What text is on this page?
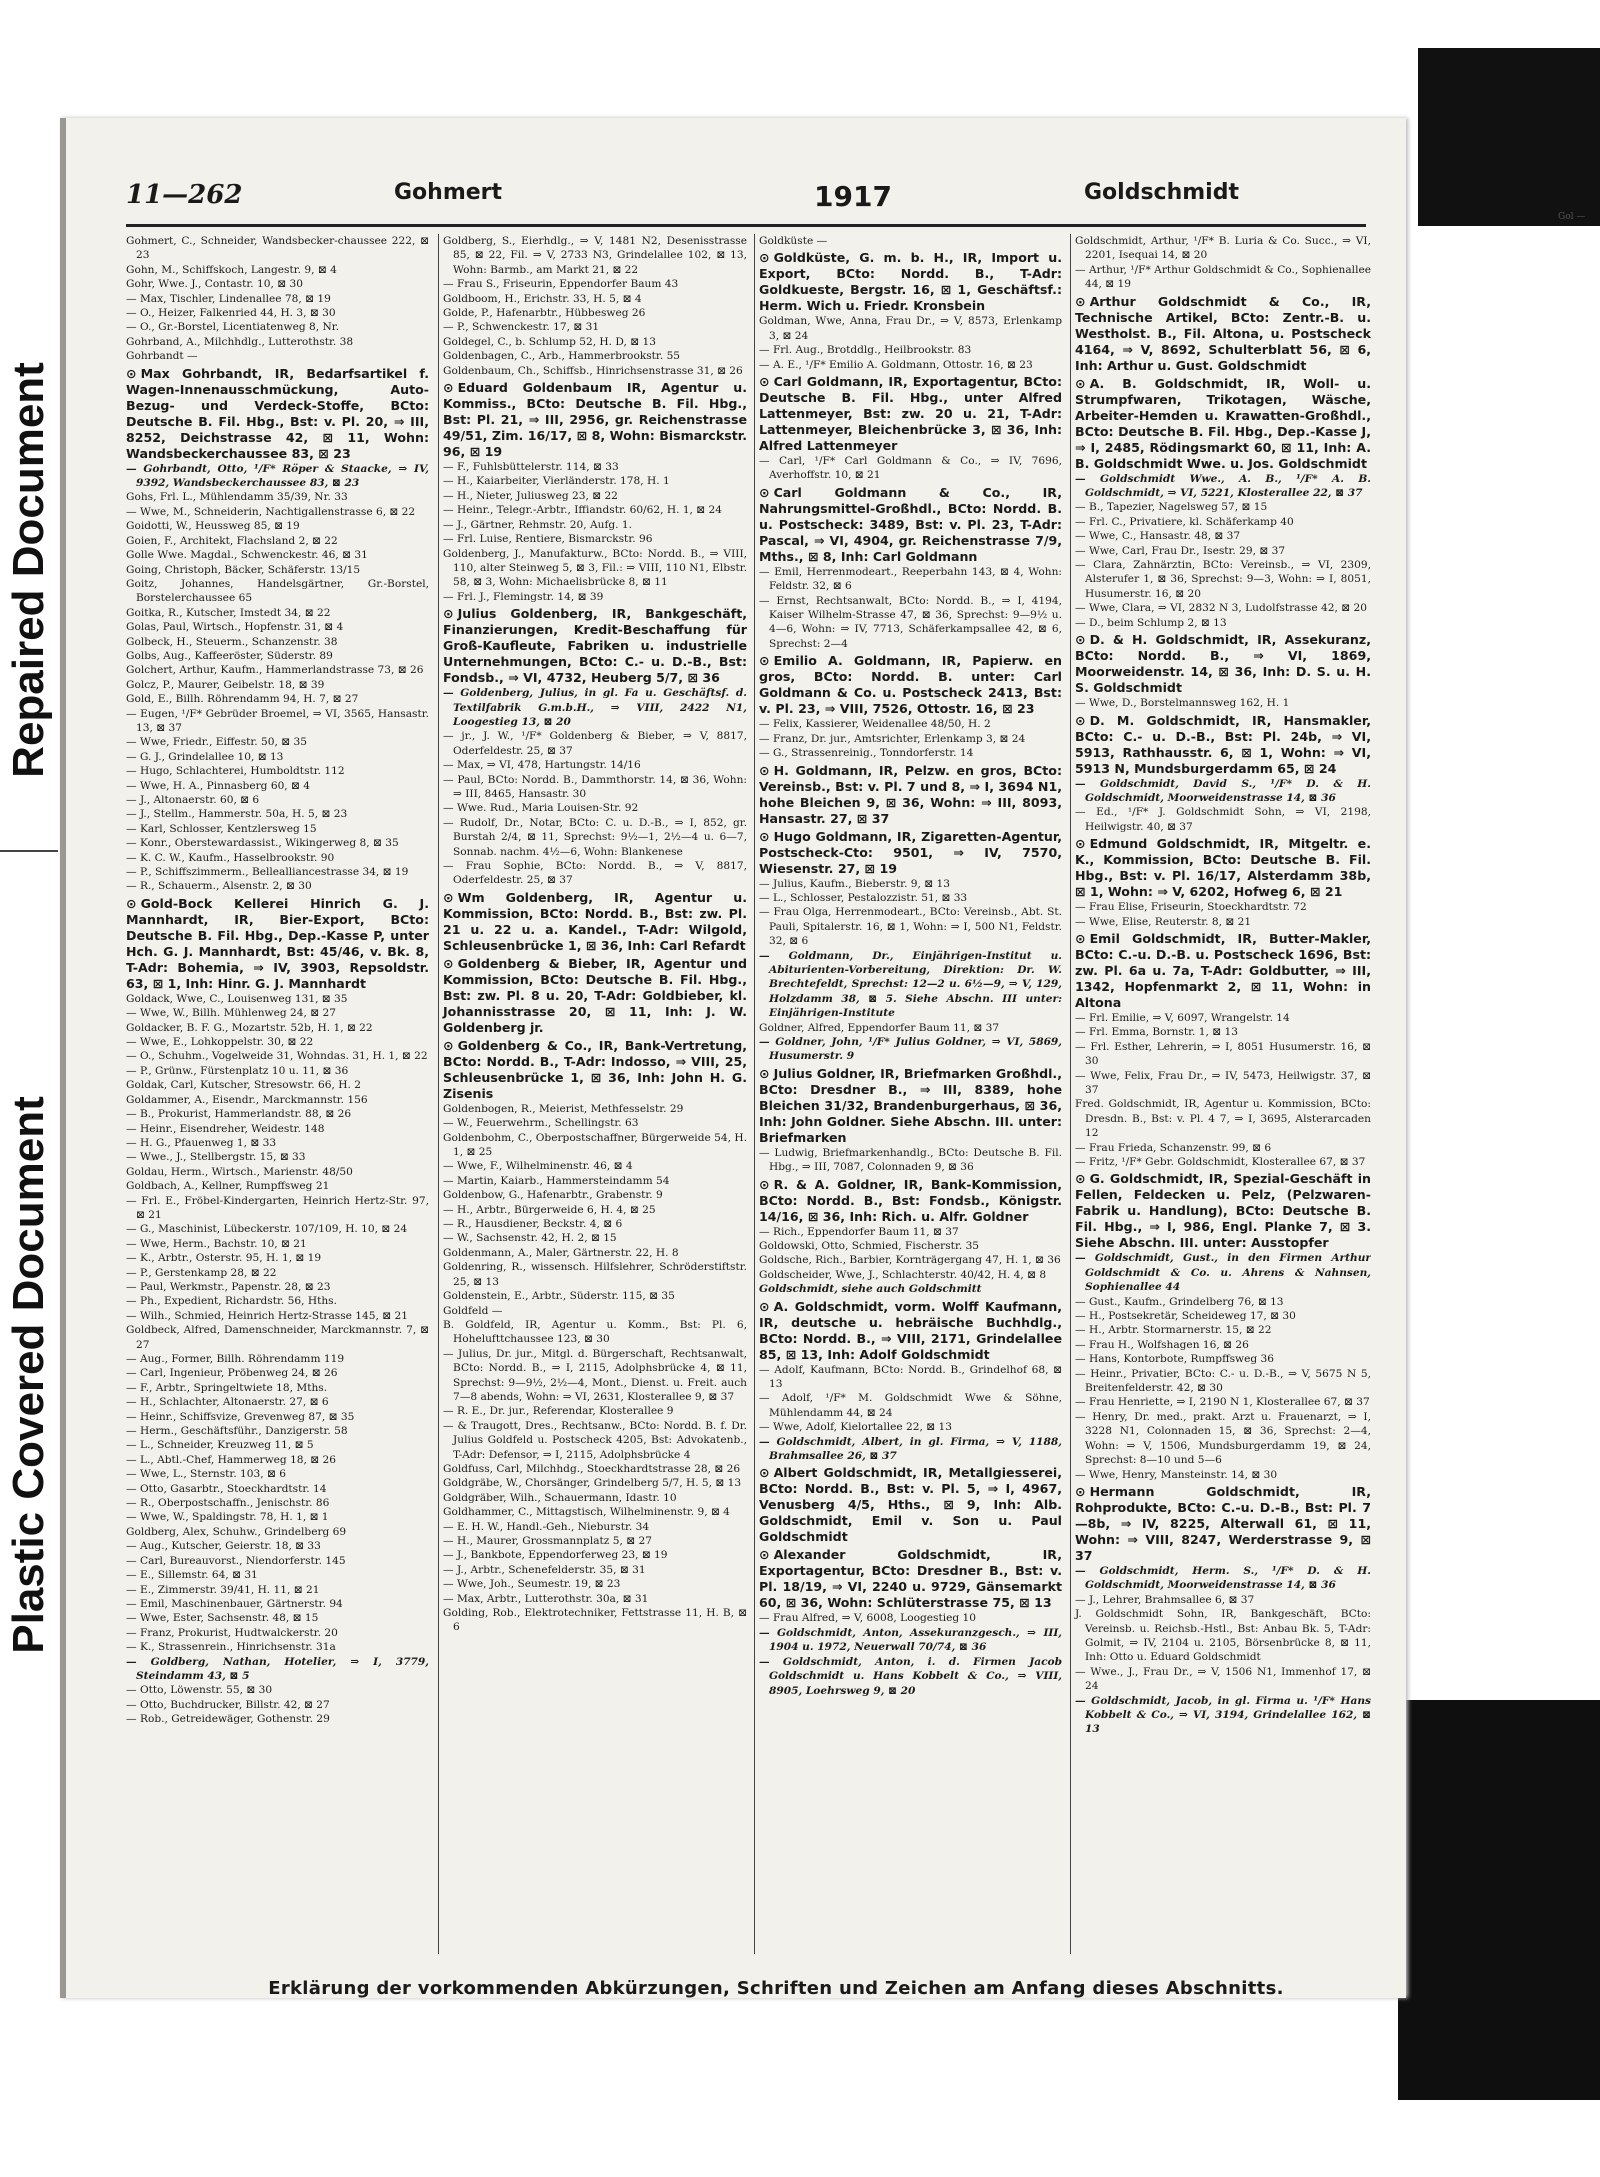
Repaired Document
Plastic Covered Document
Gol —
11—262	Gohmert	1917	Goldschmidt

Gohmert, C., Schneider, Wandsbecker-chaussee 222, ⊠ 23

Gohn, M., Schiffskoch, Langestr. 9, ⊠ 4

Gohr, Wwe. J., Contastr. 10, ⊠ 30

— Max, Tischler, Lindenallee 78, ⊠ 19

— O., Heizer, Falkenried 44, H. 3, ⊠ 30

— O., Gr.-Borstel, Licentiatenweg 8, Nr.

Gohrband, A., Milchhdlg., Lutterothstr. 38

Gohrbandt —

⊙ Max Gohrbandt, IR, Bedarfsartikel f. Wagen-Innenausschmückung, Auto-Bezug- und Verdeck-Stoffe, BCto: Deutsche B. Fil. Hbg., Bst: v. Pl. 20, ⇒ III, 8252, Deichstrasse 42, ⊠ 11, Wohn: Wandsbeckerchaussee 83, ⊠ 23

— Gohrbandt, Otto, ¹/F* Röper & Staacke, ⇒ IV, 9392, Wandsbeckerchaussee 83, ⊠ 23

Gohs, Frl. L., Mühlendamm 35/39, Nr. 33

— Wwe, M., Schneiderin, Nachtigallenstrasse 6, ⊠ 22

Goidotti, W., Heussweg 85, ⊠ 19

Goien, F., Architekt, Flachsland 2, ⊠ 22

Golle Wwe. Magdal., Schwenckestr. 46, ⊠ 31

Going, Christoph, Bäcker, Schäferstr. 13/15

Goitz, Johannes, Handelsgärtner, Gr.-Borstel, Borstelerchaussee 65

Goitka, R., Kutscher, Imstedt 34, ⊠ 22

Golas, Paul, Wirtsch., Hopfenstr. 31, ⊠ 4

Golbeck, H., Steuerm., Schanzenstr. 38

Golbs, Aug., Kaffeeröster, Süderstr. 89

Golchert, Arthur, Kaufm., Hammerlandstrasse 73, ⊠ 26

Golcz, P., Maurer, Geibelstr. 18, ⊠ 39

Gold, E., Billh. Röhrendamm 94, H. 7, ⊠ 27

— Eugen, ¹/F* Gebrüder Broemel, ⇒ VI, 3565, Hansastr. 13, ⊠ 37

— Wwe, Friedr., Eiffestr. 50, ⊠ 35

— G. J., Grindelallee 10, ⊠ 13

— Hugo, Schlachterei, Humboldtstr. 112

— Wwe, H. A., Pinnasberg 60, ⊠ 4

— J., Altonaerstr. 60, ⊠ 6

— J., Stellm., Hammerstr. 50a, H. 5, ⊠ 23

— Karl, Schlosser, Kentzlersweg 15

— Konr., Oberstewardassist., Wikingerweg 8, ⊠ 35

— K. C. W., Kaufm., Hasselbrookstr. 90

— P., Schiffszimmerm., Belleallianсestrasse 34, ⊠ 19

— R., Schauerm., Alsenstr. 2, ⊠ 30

⊙ Gold-Bock Kellerei Hinrich G. J. Mannhardt, IR, Bier-Export, BCto: Deutsche B. Fil. Hbg., Dep.-Kasse P, unter Hch. G. J. Mannhardt, Bst: 45/46, v. Bk. 8, T-Adr: Bohemia, ⇒ IV, 3903, Repsoldstr. 63, ⊠ 1, Inh: Hinr. G. J. Mannhardt

Goldack, Wwe, C., Louisenweg 131, ⊠ 35

— Wwe, W., Billh. Mühlenweg 24, ⊠ 27

Goldacker, B. F. G., Mozartstr. 52b, H. 1, ⊠ 22

— Wwe, E., Lohkoppelstr. 30, ⊠ 22

— O., Schuhm., Vogelweide 31, Wohndas. 31, H. 1, ⊠ 22

— P., Grünw., Fürstenplatz 10 u. 11, ⊠ 36

Goldak, Carl, Kutscher, Stresowstr. 66, H. 2

Goldammer, A., Eisendr., Marckmannstr. 156

— B., Prokurist, Hammerlandstr. 88, ⊠ 26

— Heinr., Eisendreher, Weidestr. 148

— H. G., Pfauenweg 1, ⊠ 33

— Wwe., J., Stellbergstr. 15, ⊠ 33

Goldau, Herm., Wirtsch., Marienstr. 48/50

Goldbach, A., Kellner, Rumpffsweg 21

— Frl. E., Fröbel-Kindergarten, Heinrich Hertz-Str. 97, ⊠ 21

— G., Maschinist, Lübeckerstr. 107/109, H. 10, ⊠ 24

— Wwe, Herm., Bachstr. 10, ⊠ 21

— K., Arbtr., Osterstr. 95, H. 1, ⊠ 19

— P., Gerstenkamp 28, ⊠ 22

— Paul, Werkmstr., Papenstr. 28, ⊠ 23

— Ph., Expedient, Richardstr. 56, Hths.

— Wilh., Schmied, Heinrich Hertz-Strasse 145, ⊠ 21

Goldbeck, Alfred, Damenschneider, Marckmannstr. 7, ⊠ 27

— Aug., Former, Billh. Röhrendamm 119

— Carl, Ingenieur, Pröbenweg 24, ⊠ 26

— F., Arbtr., Springeltwiete 18, Mths.

— H., Schlachter, Altonaerstr. 27, ⊠ 6

— Heinr., Schiffsvize, Grevenweg 87, ⊠ 35

— Herm., Geschäftsführ., Danzigerstr. 58

— L., Schneider, Kreuzweg 11, ⊠ 5

— L., Abtl.-Chef, Hammerweg 18, ⊠ 26

— Wwe, L., Sternstr. 103, ⊠ 6

— Otto, Gasarbtr., Stoeckhardtstr. 14

— R., Oberpostschaffn., Jenischstr. 86

— Wwe, W., Spaldingstr. 78, H. 1, ⊠ 1

Goldberg, Alex, Schuhw., Grindelberg 69

— Aug., Kutscher, Geierstr. 18, ⊠ 33

— Carl, Bureauvorst., Niendorferstr. 145

— E., Sillemstr. 64, ⊠ 31

— E., Zimmerstr. 39/41, H. 11, ⊠ 21

— Emil, Maschinenbauer, Gärtnerstr. 94

— Wwe, Ester, Sachsenstr. 48, ⊠ 15

— Franz, Prokurist, Hudtwalckerstr. 20

— K., Strassenrein., Hinrichsenstr. 31a

— Goldberg, Nathan, Hotelier, ⇒ I, 3779, Steindamm 43, ⊠ 5

— Otto, Löwenstr. 55, ⊠ 30

— Otto, Buchdrucker, Billstr. 42, ⊠ 27

— Rob., Getreidewäger, Gothenstr. 29

Goldberg, S., Eierhdlg., ⇒ V, 1481 N2, Desenisstrasse 85, ⊠ 22, Fil. ⇒ V, 2733 N3, Grindelallee 102, ⊠ 13, Wohn: Barmb., am Markt 21, ⊠ 22

— Frau S., Friseurin, Eppendorfer Baum 43

Goldboom, H., Erichstr. 33, H. 5, ⊠ 4

Golde, P., Hafenarbtr., Hübbesweg 26

— P., Schwenckestr. 17, ⊠ 31

Goldegel, C., b. Schlump 52, H. D, ⊠ 13

Goldenbagen, C., Arb., Hammerbrookstr. 55

Goldenbaum, Ch., Schiffsb., Hinrichsenstrasse 31, ⊠ 26

⊙ Eduard Goldenbaum IR, Agentur u. Kommiss., BCto: Deutsche B. Fil. Hbg., Bst: Pl. 21, ⇒ III, 2956, gr. Reichenstrasse 49/51, Zim. 16/17, ⊠ 8, Wohn: Bismarckstr. 96, ⊠ 19

— F., Fuhlsbüttelerstr. 114, ⊠ 33

— H., Kaiarbeiter, Vierländerstr. 178, H. 1

— H., Nieter, Juliusweg 23, ⊠ 22

— Heinr., Telegr.-Arbtr., Iffiandstr. 60/62, H. 1, ⊠ 24

— J., Gärtner, Rehmstr. 20, Aufg. 1.

— Frl. Luise, Rentiere, Bismarckstr. 96

Goldenberg, J., Manufakturw., BCto: Nordd. B., ⇒ VIII, 110, alter Steinweg 5, ⊠ 3, Fil.: ⇒ VIII, 110 N1, Elbstr. 58, ⊠ 3, Wohn: Michaelisbrücke 8, ⊠ 11

— Frl. J., Flemingstr. 14, ⊠ 39

⊙ Julius Goldenberg, IR, Bankgeschäft, Finanzierungen, Kredit-Beschaffung für Groß-Kaufleute, Fabriken u. industrielle Unternehmungen, BCto: C.- u. D.-B., Bst: Fondsb., ⇒ VI, 4732, Heuberg 5/7, ⊠ 36

— Goldenberg, Julius, in gl. Fa u. Geschäftsf. d. Textilfabrik G.m.b.H., ⇒ VIII, 2422 N1, Loogestieg 13, ⊠ 20

— jr., J. W., ¹/F* Goldenberg & Bieber, ⇒ V, 8817, Oderfeldestr. 25, ⊠ 37

— Max, ⇒ VI, 478, Hartungstr. 14/16

— Paul, BCto: Nordd. B., Dammthorstr. 14, ⊠ 36, Wohn: ⇒ III, 8465, Hansastr. 30

— Wwe. Rud., Maria Louisen-Str. 92

— Rudolf, Dr., Notar, BCto: C. u. D.-B., ⇒ I, 852, gr. Burstah 2/4, ⊠ 11, Sprechst: 9½—1, 2½—4 u. 6—7, Sonnab. nachm. 4½—6, Wohn: Blankenese

— Frau Sophie, BCto: Nordd. B., ⇒ V, 8817, Oderfeldestr. 25, ⊠ 37

⊙ Wm Goldenberg, IR, Agentur u. Kommission, BCto: Nordd. B., Bst: zw. Pl. 21 u. 22 u. a. Kandel., T-Adr: Wilgold, Schleusenbrücke 1, ⊠ 36, Inh: Carl Refardt

⊙ Goldenberg & Bieber, IR, Agentur und Kommission, BCto: Deutsche B. Fil. Hbg., Bst: zw. Pl. 8 u. 20, T-Adr: Goldbieber, kl. Johannisstrasse 20, ⊠ 11, Inh: J. W. Goldenberg jr.

⊙ Goldenberg & Co., IR, Bank-Vertretung, BCto: Nordd. B., T-Adr: Indosso, ⇒ VIII, 25, Schleusenbrücke 1, ⊠ 36, Inh: John H. G. Zisenis

Goldenbogen, R., Meierist, Methfesselstr. 29

— W., Feuerwehrm., Schellingstr. 63

Goldenbohm, C., Oberpostschaffner, Bürgerweide 54, H. 1, ⊠ 25

— Wwe, F., Wilhelminenstr. 46, ⊠ 4

— Martin, Kaiarb., Hammersteindamm 54

Goldenbow, G., Hafenarbtr., Grabenstr. 9

— H., Arbtr., Bürgerweide 6, H. 4, ⊠ 25

— R., Hausdiener, Beckstr. 4, ⊠ 6

— W., Sachsenstr. 42, H. 2, ⊠ 15

Goldenmann, A., Maler, Gärtnerstr. 22, H. 8

Goldenring, R., wissensch. Hilfslehrer, Schröderstiftstr. 25, ⊠ 13

Goldenstein, E., Arbtr., Süderstr. 115, ⊠ 35

Goldfeld —

B. Goldfeld, IR, Agentur u. Komm., Bst: Pl. 6, Hohelufttchaussee 123, ⊠ 30

— Julius, Dr. jur., Mitgl. d. Bürgerschaft, Rechtsanwalt, BCto: Nordd. B., ⇒ I, 2115, Adolphsbrücke 4, ⊠ 11, Sprechst: 9—9½, 2½—4, Mont., Dienst. u. Freit. auch 7—8 abends, Wohn: ⇒ VI, 2631, Klosterallee 9, ⊠ 37

— R. E., Dr. jur., Referendar, Klosterallee 9

— & Traugott, Dres., Rechtsanw., BCto: Nordd. B. f. Dr. Julius Goldfeld u. Postscheck 4205, Bst: Advokatenb., T-Adr: Defensor, ⇒ I, 2115, Adolphsbrücke 4

Goldfuss, Carl, Milchhdg., Stoeckhardtstrasse 28, ⊠ 26

Goldgräbe, W., Chorsänger, Grindelberg 5/7, H. 5, ⊠ 13

Goldgräber, Wilh., Schauermann, Idastr. 10

Goldhammer, C., Mittagstisch, Wilhelminenstr. 9, ⊠ 4

— E. H. W., Handl.-Geh., Nieburstr. 34

— H., Maurer, Grossmannplatz 5, ⊠ 27

— J., Bankbote, Eppendorferweg 23, ⊠ 19

— J., Arbtr., Schenefelderstr. 35, ⊠ 31

— Wwe, Joh., Seumestr. 19, ⊠ 23

— Max, Arbtr., Lutterothstr. 30a, ⊠ 31

Golding, Rob., Elektrotechniker, Fettstrasse 11, H. B, ⊠ 6

Goldküste —

⊙ Goldküste, G. m. b. H., IR, Import u. Export, BCto: Nordd. B., T-Adr: Goldkueste, Bergstr. 16, ⊠ 1, Geschäftsf.: Herm. Wich u. Friedr. Kronsbein

Goldman, Wwe, Anna, Frau Dr., ⇒ V, 8573, Erlenkamp 3, ⊠ 24

— Frl. Aug., Brotddlg., Heilbrookstr. 83

— A. E., ¹/F* Emilio A. Goldmann, Ottostr. 16, ⊠ 23

⊙ Carl Goldmann, IR, Exportagentur, BCto: Deutsche B. Fil. Hbg., unter Alfred Lattenmeyer, Bst: zw. 20 u. 21, T-Adr: Lattenmeyer, Bleichenbrücke 3, ⊠ 36, Inh: Alfred Lattenmeyer

— Carl, ¹/F* Carl Goldmann & Co., ⇒ IV, 7696, Averhoffstr. 10, ⊠ 21

⊙ Carl Goldmann & Co., IR, Nahrungsmittel-Großhdl., BCto: Nordd. B. u. Postscheck: 3489, Bst: v. Pl. 23, T-Adr: Pascal, ⇒ VI, 4904, gr. Reichenstrasse 7/9, Mths., ⊠ 8, Inh: Carl Goldmann

— Emil, Herrenmodeart., Reeperbahn 143, ⊠ 4, Wohn: Feldstr. 32, ⊠ 6

— Ernst, Rechtsanwalt, BCto: Nordd. B., ⇒ I, 4194, Kaiser Wilhelm-Strasse 47, ⊠ 36, Sprechst: 9—9½ u. 4—6, Wohn: ⇒ IV, 7713, Schäferkampsallee 42, ⊠ 6, Sprechst: 2—4

⊙ Emilio A. Goldmann, IR, Papierw. en gros, BCto: Nordd. B. unter: Carl Goldmann & Co. u. Postscheck 2413, Bst: v. Pl. 23, ⇒ VIII, 7526, Ottostr. 16, ⊠ 23

— Felix, Kassierer, Weidenallee 48/50, H. 2

— Franz, Dr. jur., Amtsrichter, Erlenkamp 3, ⊠ 24

— G., Strassenreinig., Tonndorferstr. 14

⊙ H. Goldmann, IR, Pelzw. en gros, BCto: Vereinsb., Bst: v. Pl. 7 und 8, ⇒ I, 3694 N1, hohe Bleichen 9, ⊠ 36, Wohn: ⇒ III, 8093, Hansastr. 27, ⊠ 37

⊙ Hugo Goldmann, IR, Zigaretten-Agentur, Postscheck-Cto: 9501, ⇒ IV, 7570, Wiesenstr. 27, ⊠ 19

— Julius, Kaufm., Bieberstr. 9, ⊠ 13

— L., Schlosser, Pestalozzistr. 51, ⊠ 33

— Frau Olga, Herrenmodeart., BCto: Vereinsb., Abt. St. Pauli, Spitalerstr. 16, ⊠ 1, Wohn: ⇒ I, 500 N1, Feldstr. 32, ⊠ 6

— Goldmann, Dr., Einjährigen-Institut u. Abiturienten-Vorbereitung, Direktion: Dr. W. Brechtefeldt, Sprechst: 12—2 u. 6½—9, ⇒ V, 129, Holzdamm 38, ⊠ 5. Siehe Abschn. III unter: Einjährigen-Institute

Goldner, Alfred, Eppendorfer Baum 11, ⊠ 37

— Goldner, John, ¹/F* Julius Goldner, ⇒ VI, 5869, Husumerstr. 9

⊙ Julius Goldner, IR, Briefmarken Großhdl., BCto: Dresdner B., ⇒ III, 8389, hohe Bleichen 31/32, Brandenburgerhaus, ⊠ 36, Inh: John Goldner. Siehe Abschn. III. unter: Briefmarken

— Ludwig, Briefmarkenhandlg., BCto: Deutsche B. Fil. Hbg., ⇒ III, 7087, Colonnaden 9, ⊠ 36

⊙ R. & A. Goldner, IR, Bank-Kommission, BCto: Nordd. B., Bst: Fondsb., Königstr. 14/16, ⊠ 36, Inh: Rich. u. Alfr. Goldner

— Rich., Eppendorfer Baum 11, ⊠ 37

Goldowski, Otto, Schmied, Fischerstr. 35

Goldsche, Rich., Barbier, Kornträgergang 47, H. 1, ⊠ 36

Goldscheider, Wwe, J., Schlachterstr. 40/42, H. 4, ⊠ 8

Goldschmidt, siehe auch Goldschmitt

⊙ A. Goldschmidt, vorm. Wolff Kaufmann, IR, deutsche u. hebräische Buchhdlg., BCto: Nordd. B., ⇒ VIII, 2171, Grindelallee 85, ⊠ 13, Inh: Adolf Goldschmidt

— Adolf, Kaufmann, BCto: Nordd. B., Grindelhof 68, ⊠ 13

— Adolf, ¹/F* M. Goldschmidt Wwe & Söhne, Mühlendamm 44, ⊠ 24

— Wwe, Adolf, Kielortallee 22, ⊠ 13

— Goldschmidt, Albert, in gl. Firma, ⇒ V, 1188, Brahmsallee 26, ⊠ 37

⊙ Albert Goldschmidt, IR, Metallgiesserei, BCto: Nordd. B., Bst: v. Pl. 5, ⇒ I, 4967, Venusberg 4/5, Hths., ⊠ 9, Inh: Alb. Goldschmidt, Emil v. Son u. Paul Goldschmidt

⊙ Alexander Goldschmidt, IR, Exportagentur, BCto: Dresdner B., Bst: v. Pl. 18/19, ⇒ VI, 2240 u. 9729, Gänsemarkt 60, ⊠ 36, Wohn: Schlüterstrasse 75, ⊠ 13

— Frau Alfred, ⇒ V, 6008, Loogestieg 10

— Goldschmidt, Anton, Assekuranzgesch., ⇒ III, 1904 u. 1972, Neuerwall 70/74, ⊠ 36

— Goldschmidt, Anton, i. d. Firmen Jacob Goldschmidt u. Hans Kobbelt & Co., ⇒ VIII, 8905, Loehrsweg 9, ⊠ 20

Goldschmidt, Arthur, ¹/F* B. Luria & Co. Succ., ⇒ VI, 2201, Isequai 14, ⊠ 20

— Arthur, ¹/F* Arthur Goldschmidt & Co., Sophienallee 44, ⊠ 19

⊙ Arthur Goldschmidt & Co., IR, Technische Artikel, BCto: Zentr.-B. u. Westholst. B., Fil. Altona, u. Postscheck 4164, ⇒ V, 8692, Schulterblatt 56, ⊠ 6, Inh: Arthur u. Gust. Goldschmidt

⊙ A. B. Goldschmidt, IR, Woll- u. Strumpfwaren, Trikotagen, Wäsche, Arbeiter-Hemden u. Krawatten-Großhdl., BCto: Deutsche B. Fil. Hbg., Dep.-Kasse J, ⇒ I, 2485, Rödingsmarkt 60, ⊠ 11, Inh: A. B. Goldschmidt Wwe. u. Jos. Goldschmidt

— Goldschmidt Wwe., A. B., ¹/F* A. B. Goldschmidt, ⇒ VI, 5221, Klosterallee 22, ⊠ 37

— B., Tapezier, Nagelsweg 57, ⊠ 15

— Frl. C., Privatiere, kl. Schäferkamp 40

— Wwe, C., Hansastr. 48, ⊠ 37

— Wwe, Carl, Frau Dr., Isestr. 29, ⊠ 37

— Clara, Zahnärztin, BCto: Vereinsb., ⇒ VI, 2309, Alsterufer 1, ⊠ 36, Sprechst: 9—3, Wohn: ⇒ I, 8051, Husumerstr. 16, ⊠ 20

— Wwe, Clara, ⇒ VI, 2832 N 3, Ludolfstrasse 42, ⊠ 20

— D., beim Schlump 2, ⊠ 13

⊙ D. & H. Goldschmidt, IR, Assekuranz, BCto: Nordd. B., ⇒ VI, 1869, Moorweidenstr. 14, ⊠ 36, Inh: D. S. u. H. S. Goldschmidt

— Wwe, D., Borstelmannsweg 162, H. 1

⊙ D. M. Goldschmidt, IR, Hansmakler, BCto: C.- u. D.-B., Bst: Pl. 24b, ⇒ VI, 5913, Rathhausstr. 6, ⊠ 1, Wohn: ⇒ VI, 5913 N, Mundsburgerdamm 65, ⊠ 24

— Goldschmidt, David S., ¹/F* D. & H. Goldschmidt, Moorweidenstrasse 14, ⊠ 36

— Ed., ¹/F* J. Goldschmidt Sohn, ⇒ VI, 2198, Heilwigstr. 40, ⊠ 37

⊙ Edmund Goldschmidt, IR, Mitgeltr. e. K., Kommission, BCto: Deutsche B. Fil. Hbg., Bst: v. Pl. 16/17, Alsterdamm 38b, ⊠ 1, Wohn: ⇒ V, 6202, Hofweg 6, ⊠ 21

— Frau Elise, Friseurin, Stoeckhardtstr. 72

— Wwe, Elise, Reuterstr. 8, ⊠ 21

⊙ Emil Goldschmidt, IR, Butter-Makler, BCto: C.-u. D.-B. u. Postscheck 1696, Bst: zw. Pl. 6a u. 7a, T-Adr: Goldbutter, ⇒ III, 1342, Hopfenmarkt 2, ⊠ 11, Wohn: in Altona

— Frl. Emilie, ⇒ V, 6097, Wrangelstr. 14

— Frl. Emma, Bornstr. 1, ⊠ 13

— Frl. Esther, Lehrerin, ⇒ I, 8051 Husumerstr. 16, ⊠ 30

— Wwe, Felix, Frau Dr., ⇒ IV, 5473, Heilwigstr. 37, ⊠ 37

Fred. Goldschmidt, IR, Agentur u. Kommission, BCto: Dresdn. B., Bst: v. Pl. 4 7, ⇒ I, 3695, Alsterarcaden 12

— Frau Frieda, Schanzenstr. 99, ⊠ 6

— Fritz, ¹/F* Gebr. Goldschmidt, Klosterallee 67, ⊠ 37

⊙ G. Goldschmidt, IR, Spezial-Geschäft in Fellen, Feldecken u. Pelz, (Pelzwaren-Fabrik u. Handlung), BCto: Deutsche B. Fil. Hbg., ⇒ I, 986, Engl. Planke 7, ⊠ 3. Siehe Abschn. III. unter: Ausstopfer

— Goldschmidt, Gust., in den Firmen Arthur Goldschmidt & Co. u. Ahrens & Nahnsen, Sophienallee 44

— Gust., Kaufm., Grindelberg 76, ⊠ 13

— H., Postsekretär, Scheideweg 17, ⊠ 30

— H., Arbtr. Stormarnerstr. 15, ⊠ 22

— Frau H., Wolfshagen 16, ⊠ 26

— Hans, Kontorbote, Rumpffsweg 36

— Heinr., Privatier, BCto: C.- u. D.-B., ⇒ V, 5675 N 5, Breitenfelderstr. 42, ⊠ 30

— Frau Henriette, ⇒ I, 2190 N 1, Klosterallee 67, ⊠ 37

— Henry, Dr. med., prakt. Arzt u. Frauenarzt, ⇒ I, 3228 N1, Colonnaden 15, ⊠ 36, Sprechst: 2—4, Wohn: ⇒ V, 1506, Mundsburgerdamm 19, ⊠ 24, Sprechst: 8—10 und 5—6

— Wwe, Henry, Mansteinstr. 14, ⊠ 30

⊙ Hermann Goldschmidt, IR, Rohprodukte, BCto: C.-u. D.-B., Bst: Pl. 7—8b, ⇒ IV, 8225, Alterwall 61, ⊠ 11, Wohn: ⇒ VIII, 8247, Werderstrasse 9, ⊠ 37

— Goldschmidt, Herm. S., ¹/F* D. & H. Goldschmidt, Moorweidenstrasse 14, ⊠ 36

— J., Lehrer, Brahmsallee 6, ⊠ 37

J. Goldschmidt Sohn, IR, Bankgeschäft, BCto: Vereinsb. u. Reichsb.-Hstl., Bst: Anbau Bk. 5, T-Adr: Golmit, ⇒ IV, 2104 u. 2105, Börsenbrücke 8, ⊠ 11, Inh: Otto u. Eduard Goldschmidt

— Wwe., J., Frau Dr., ⇒ V, 1506 N1, Immenhof 17, ⊠ 24

— Goldschmidt, Jacob, in gl. Firma u. ¹/F* Hans Kobbelt & Co., ⇒ VI, 3194, Grindelallee 162, ⊠ 13

Erklärung der vorkommenden Abkürzungen, Schriften und Zeichen am Anfang dieses Abschnitts.
